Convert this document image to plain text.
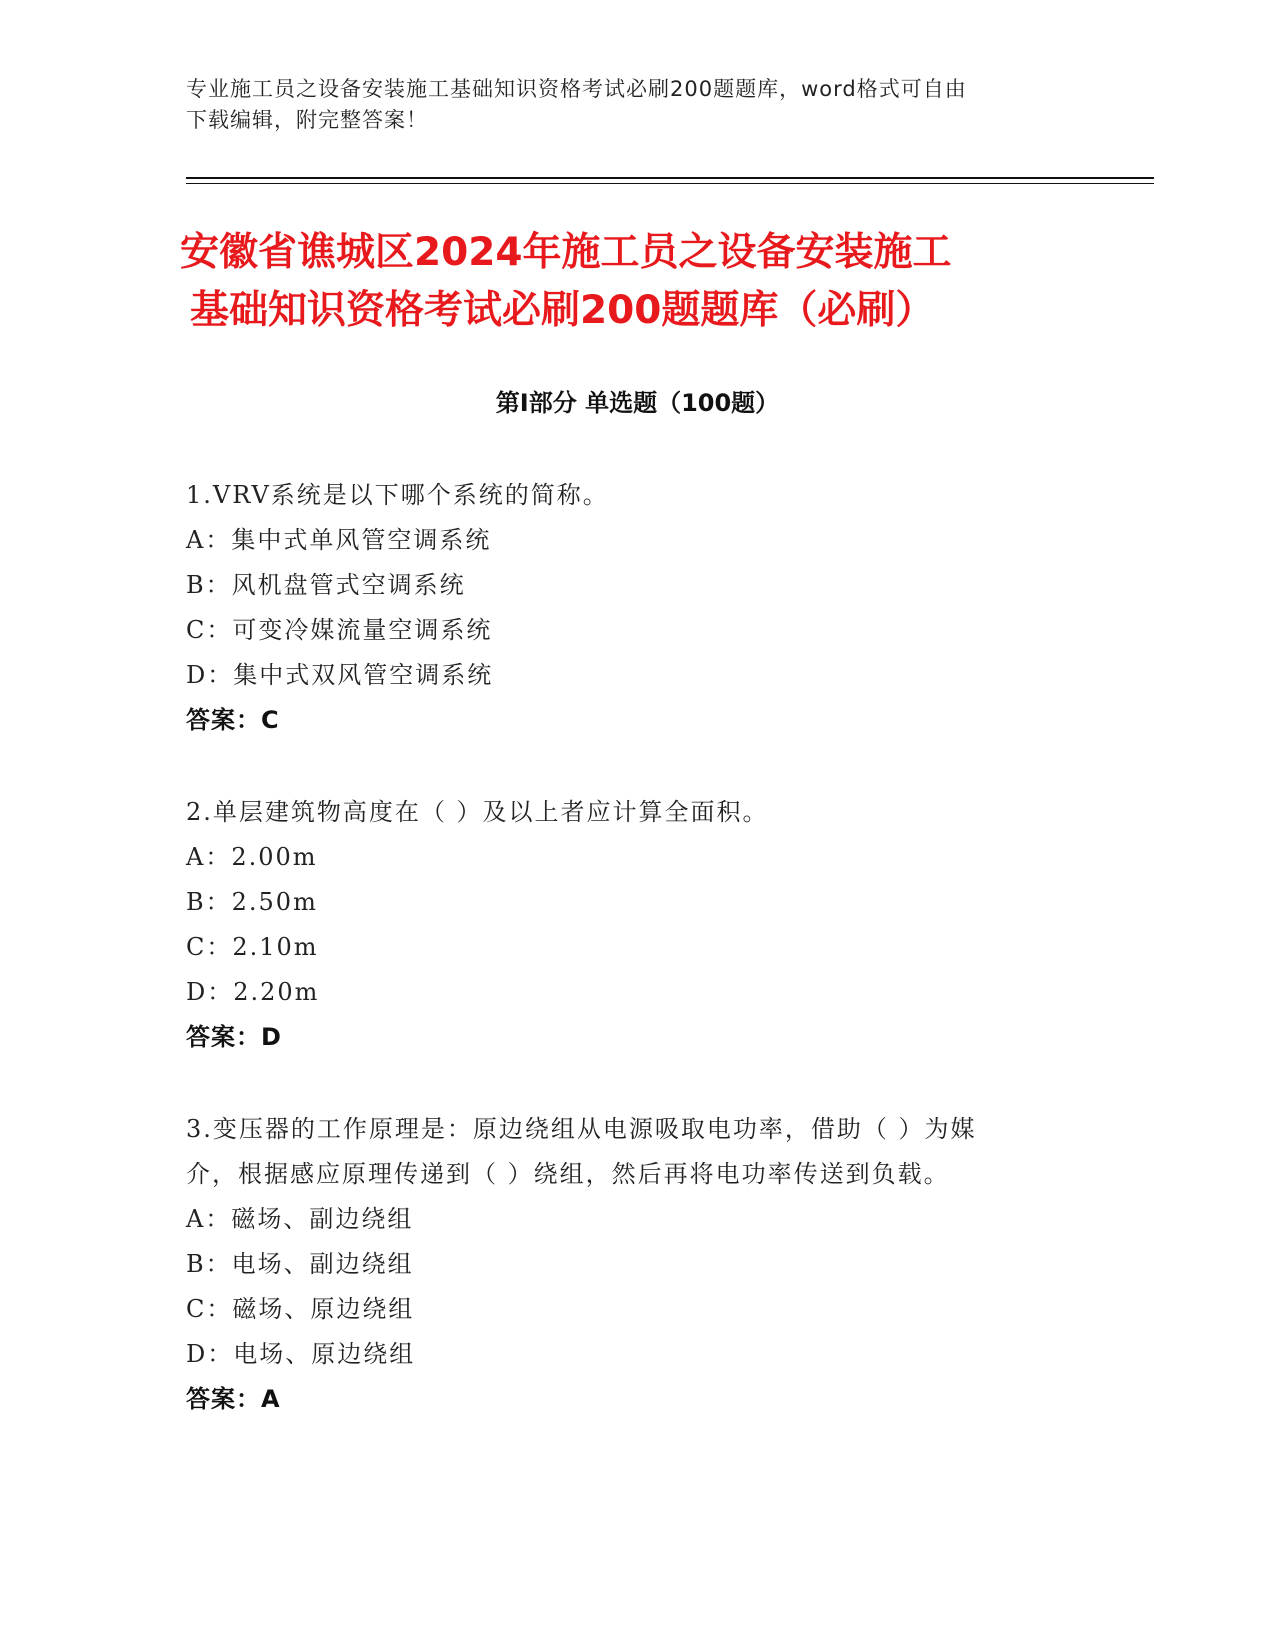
专业施工员之设备安装施工基础知识资格考试必刷200题题库，word格式可自由
下载编辑，附完整答案！
安徽省谯城区2024年施工员之设备安装施工
基础知识资格考试必刷200题题库（必刷）
第I部分 单选题（100题）
1.VRV系统是以下哪个系统的简称。
A：集中式单风管空调系统
B：风机盘管式空调系统
C：可变冷媒流量空调系统
D：集中式双风管空调系统
答案：C
2.单层建筑物高度在（ ）及以上者应计算全面积。
A：2.00m
B：2.50m
C：2.10m
D：2.20m
答案：D
3.变压器的工作原理是：原边绕组从电源吸取电功率，借助（ ）为媒
介，根据感应原理传递到（ ）绕组，然后再将电功率传送到负载。
A：磁场、副边绕组
B：电场、副边绕组
C：磁场、原边绕组
D：电场、原边绕组
答案：A
